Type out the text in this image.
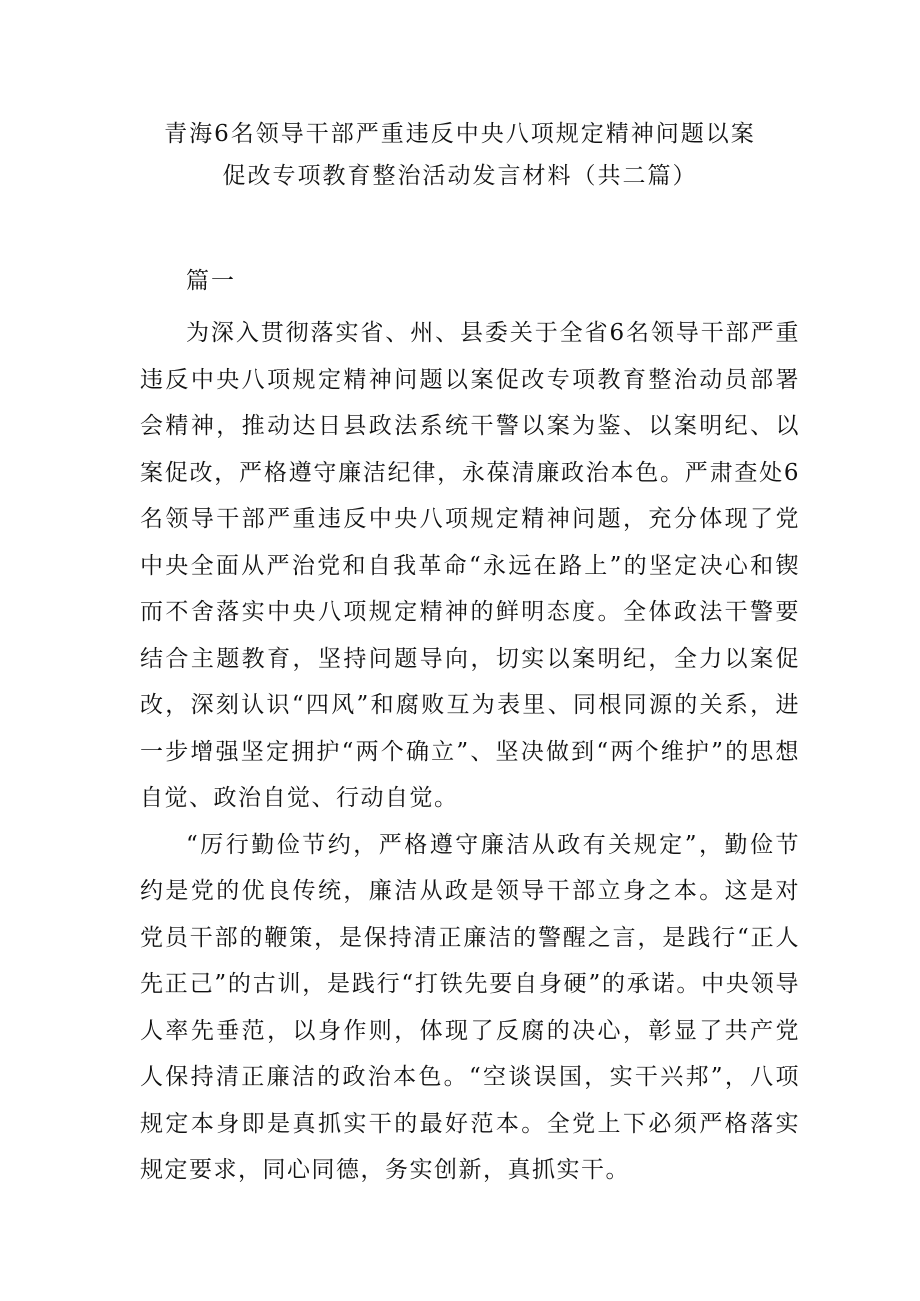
青海6名领导干部严重违反中央八项规定精神问题以案
促改专项教育整治活动发言材料（共二篇）
篇一

为深入贯彻落实省、州、县委关于全省6名领导干部严重违反中央八项规定精神问题以案促改专项教育整治动员部署会精神，推动达日县政法系统干警以案为鉴、以案明纪、以案促改，严格遵守廉洁纪律，永葆清廉政治本色。严肃查处6名领导干部严重违反中央八项规定精神问题，充分体现了党中央全面从严治党和自我革命“永远在路上”的坚定决心和锲而不舍落实中央八项规定精神的鲜明态度。全体政法干警要结合主题教育，坚持问题导向，切实以案明纪，全力以案促改，深刻认识“四风”和腐败互为表里、同根同源的关系，进一步增强坚定拥护“两个确立”、坚决做到“两个维护”的思想自觉、政治自觉、行动自觉。

“厉行勤俭节约，严格遵守廉洁从政有关规定”，勤俭节约是党的优良传统，廉洁从政是领导干部立身之本。这是对党员干部的鞭策，是保持清正廉洁的警醒之言，是践行“正人先正己”的古训，是践行“打铁先要自身硬”的承诺。中央领导人率先垂范，以身作则，体现了反腐的决心，彰显了共产党人保持清正廉洁的政治本色。“空谈误国，实干兴邦”，八项规定本身即是真抓实干的最好范本。全党上下必须严格落实规定要求，同心同德，务实创新，真抓实干。
